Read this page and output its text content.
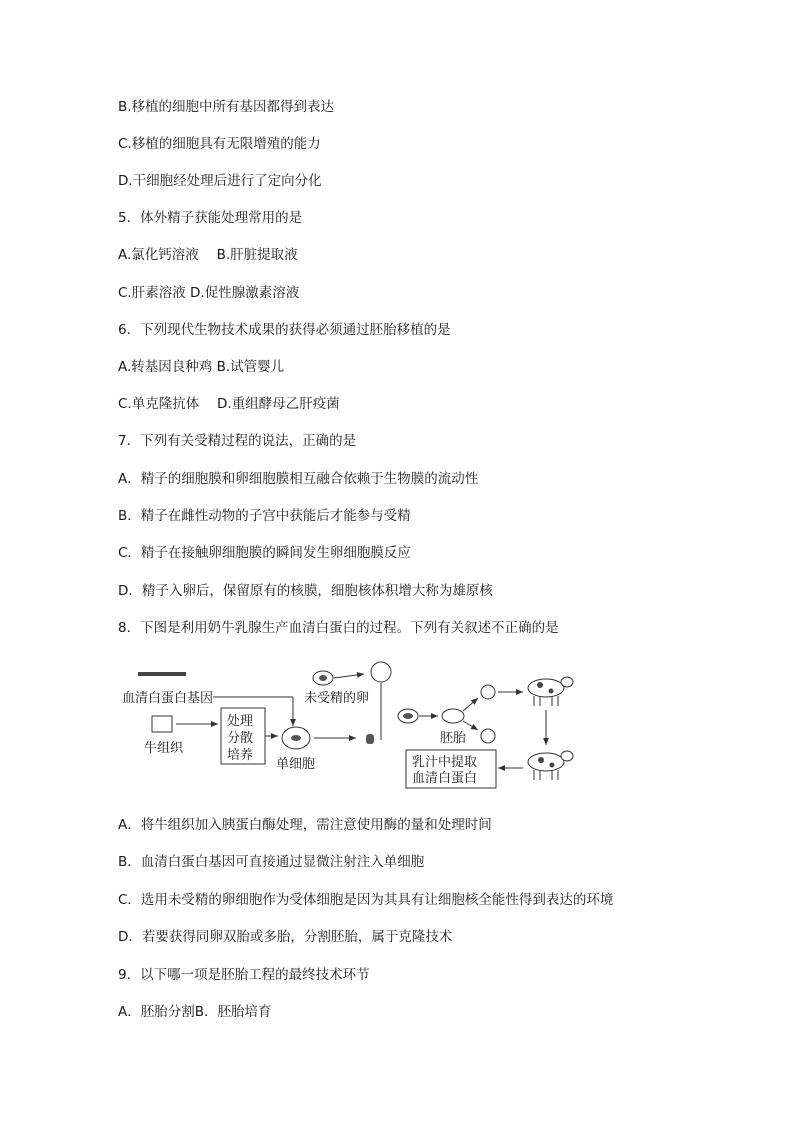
B.移植的细胞中所有基因都得到表达
C.移植的细胞具有无限增殖的能力
D.干细胞经处理后进行了定向分化
5．体外精子获能处理常用的是
A.氯化钙溶液　 B.肝脏提取液
C.肝素溶液 D.促性腺激素溶液
6．下列现代生物技术成果的获得必须通过胚胎移植的是
A.转基因良种鸡 B.试管婴儿
C.单克隆抗体　 D.重组酵母乙肝疫菌
7．下列有关受精过程的说法，正确的是
A．精子的细胞膜和卵细胞膜相互融合依赖于生物膜的流动性
B．精子在雌性动物的子宫中获能后才能参与受精
C．精子在接触卵细胞膜的瞬间发生卵细胞膜反应
D．精子入卵后，保留原有的核膜，细胞核体积增大称为雄原核
8．下图是利用奶牛乳腺生产血清白蛋白的过程。下列有关叙述不正确的是
血清白蛋白基因	未受精的卵
牛组织
处理
分散
培养
单细胞
胚胎
乳汁中提取
血清白蛋白
A．将牛组织加入胰蛋白酶处理，需注意使用酶的量和处理时间
B．血清白蛋白基因可直接通过显微注射注入单细胞
C．选用未受精的卵细胞作为受体细胞是因为其具有让细胞核全能性得到表达的环境
D．若要获得同卵双胎或多胎，分割胚胎，属于克隆技术
9．以下哪一项是胚胎工程的最终技术环节
A．胚胎分割B．胚胎培育
